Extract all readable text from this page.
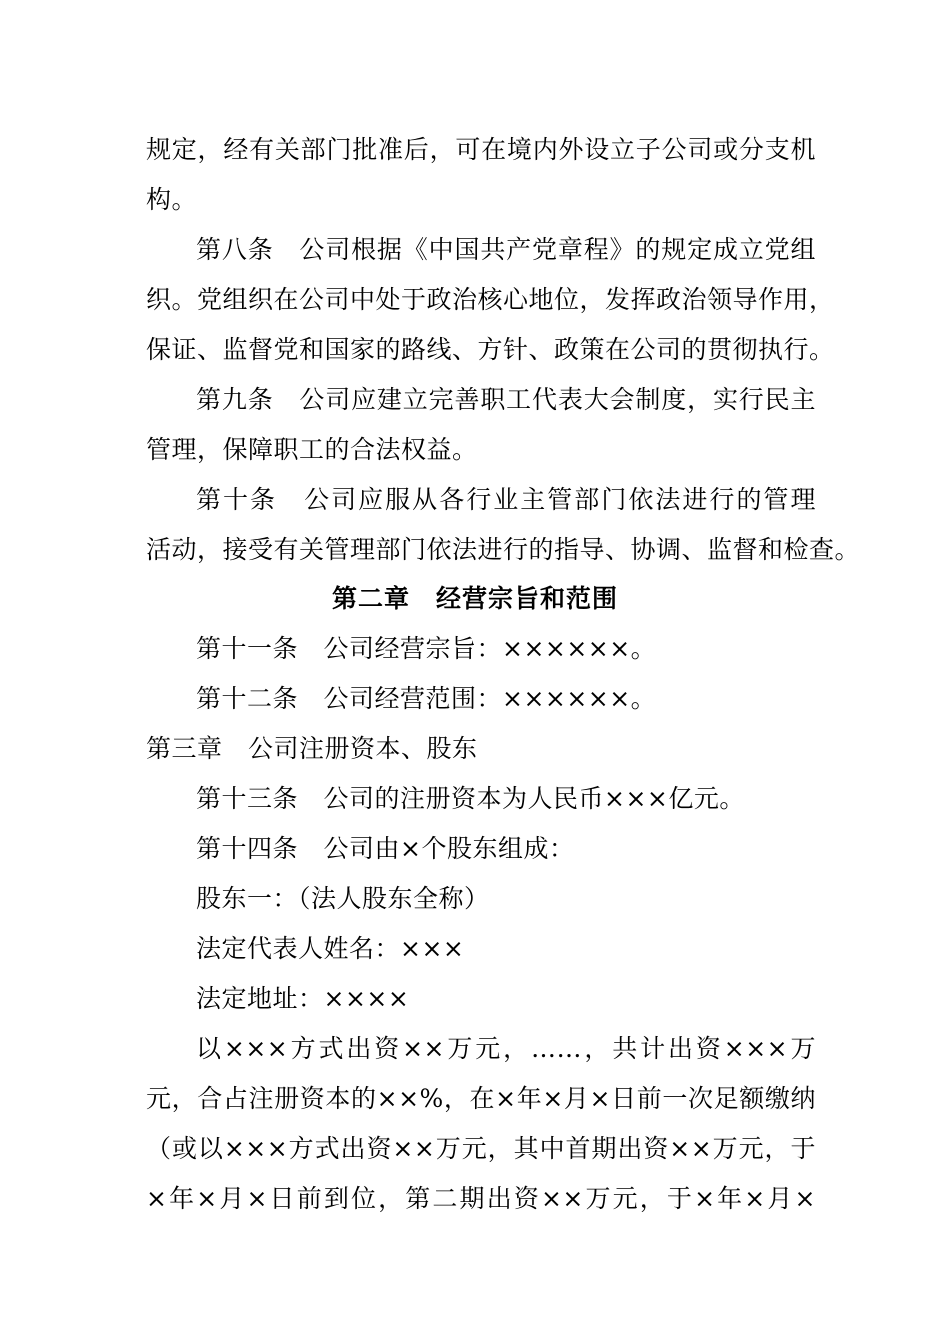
规定，经有关部门批准后，可在境内外设立子公司或分支机
构。
第八条　公司根据《中国共产党章程》的规定成立党组
织。党组织在公司中处于政治核心地位，发挥政治领导作用，
保证、监督党和国家的路线、方针、政策在公司的贯彻执行。
第九条　公司应建立完善职工代表大会制度，实行民主
管理，保障职工的合法权益。
第十条　公司应服从各行业主管部门依法进行的管理
活动，接受有关管理部门依法进行的指导、协调、监督和检查。
第二章　经营宗旨和范围
第十一条　公司经营宗旨：××××××。
第十二条　公司经营范围：××××××。
第三章　公司注册资本、股东
第十三条　公司的注册资本为人民币×××亿元。
第十四条　公司由×个股东组成：
股东一：（法人股东全称）
法定代表人姓名：×××
法定地址：××××
以×××方式出资××万元，……，共计出资×××万
元，合占注册资本的××%，在×年×月×日前一次足额缴纳
（或以×××方式出资××万元，其中首期出资××万元，于
×年×月×日前到位，第二期出资××万元，于×年×月×
